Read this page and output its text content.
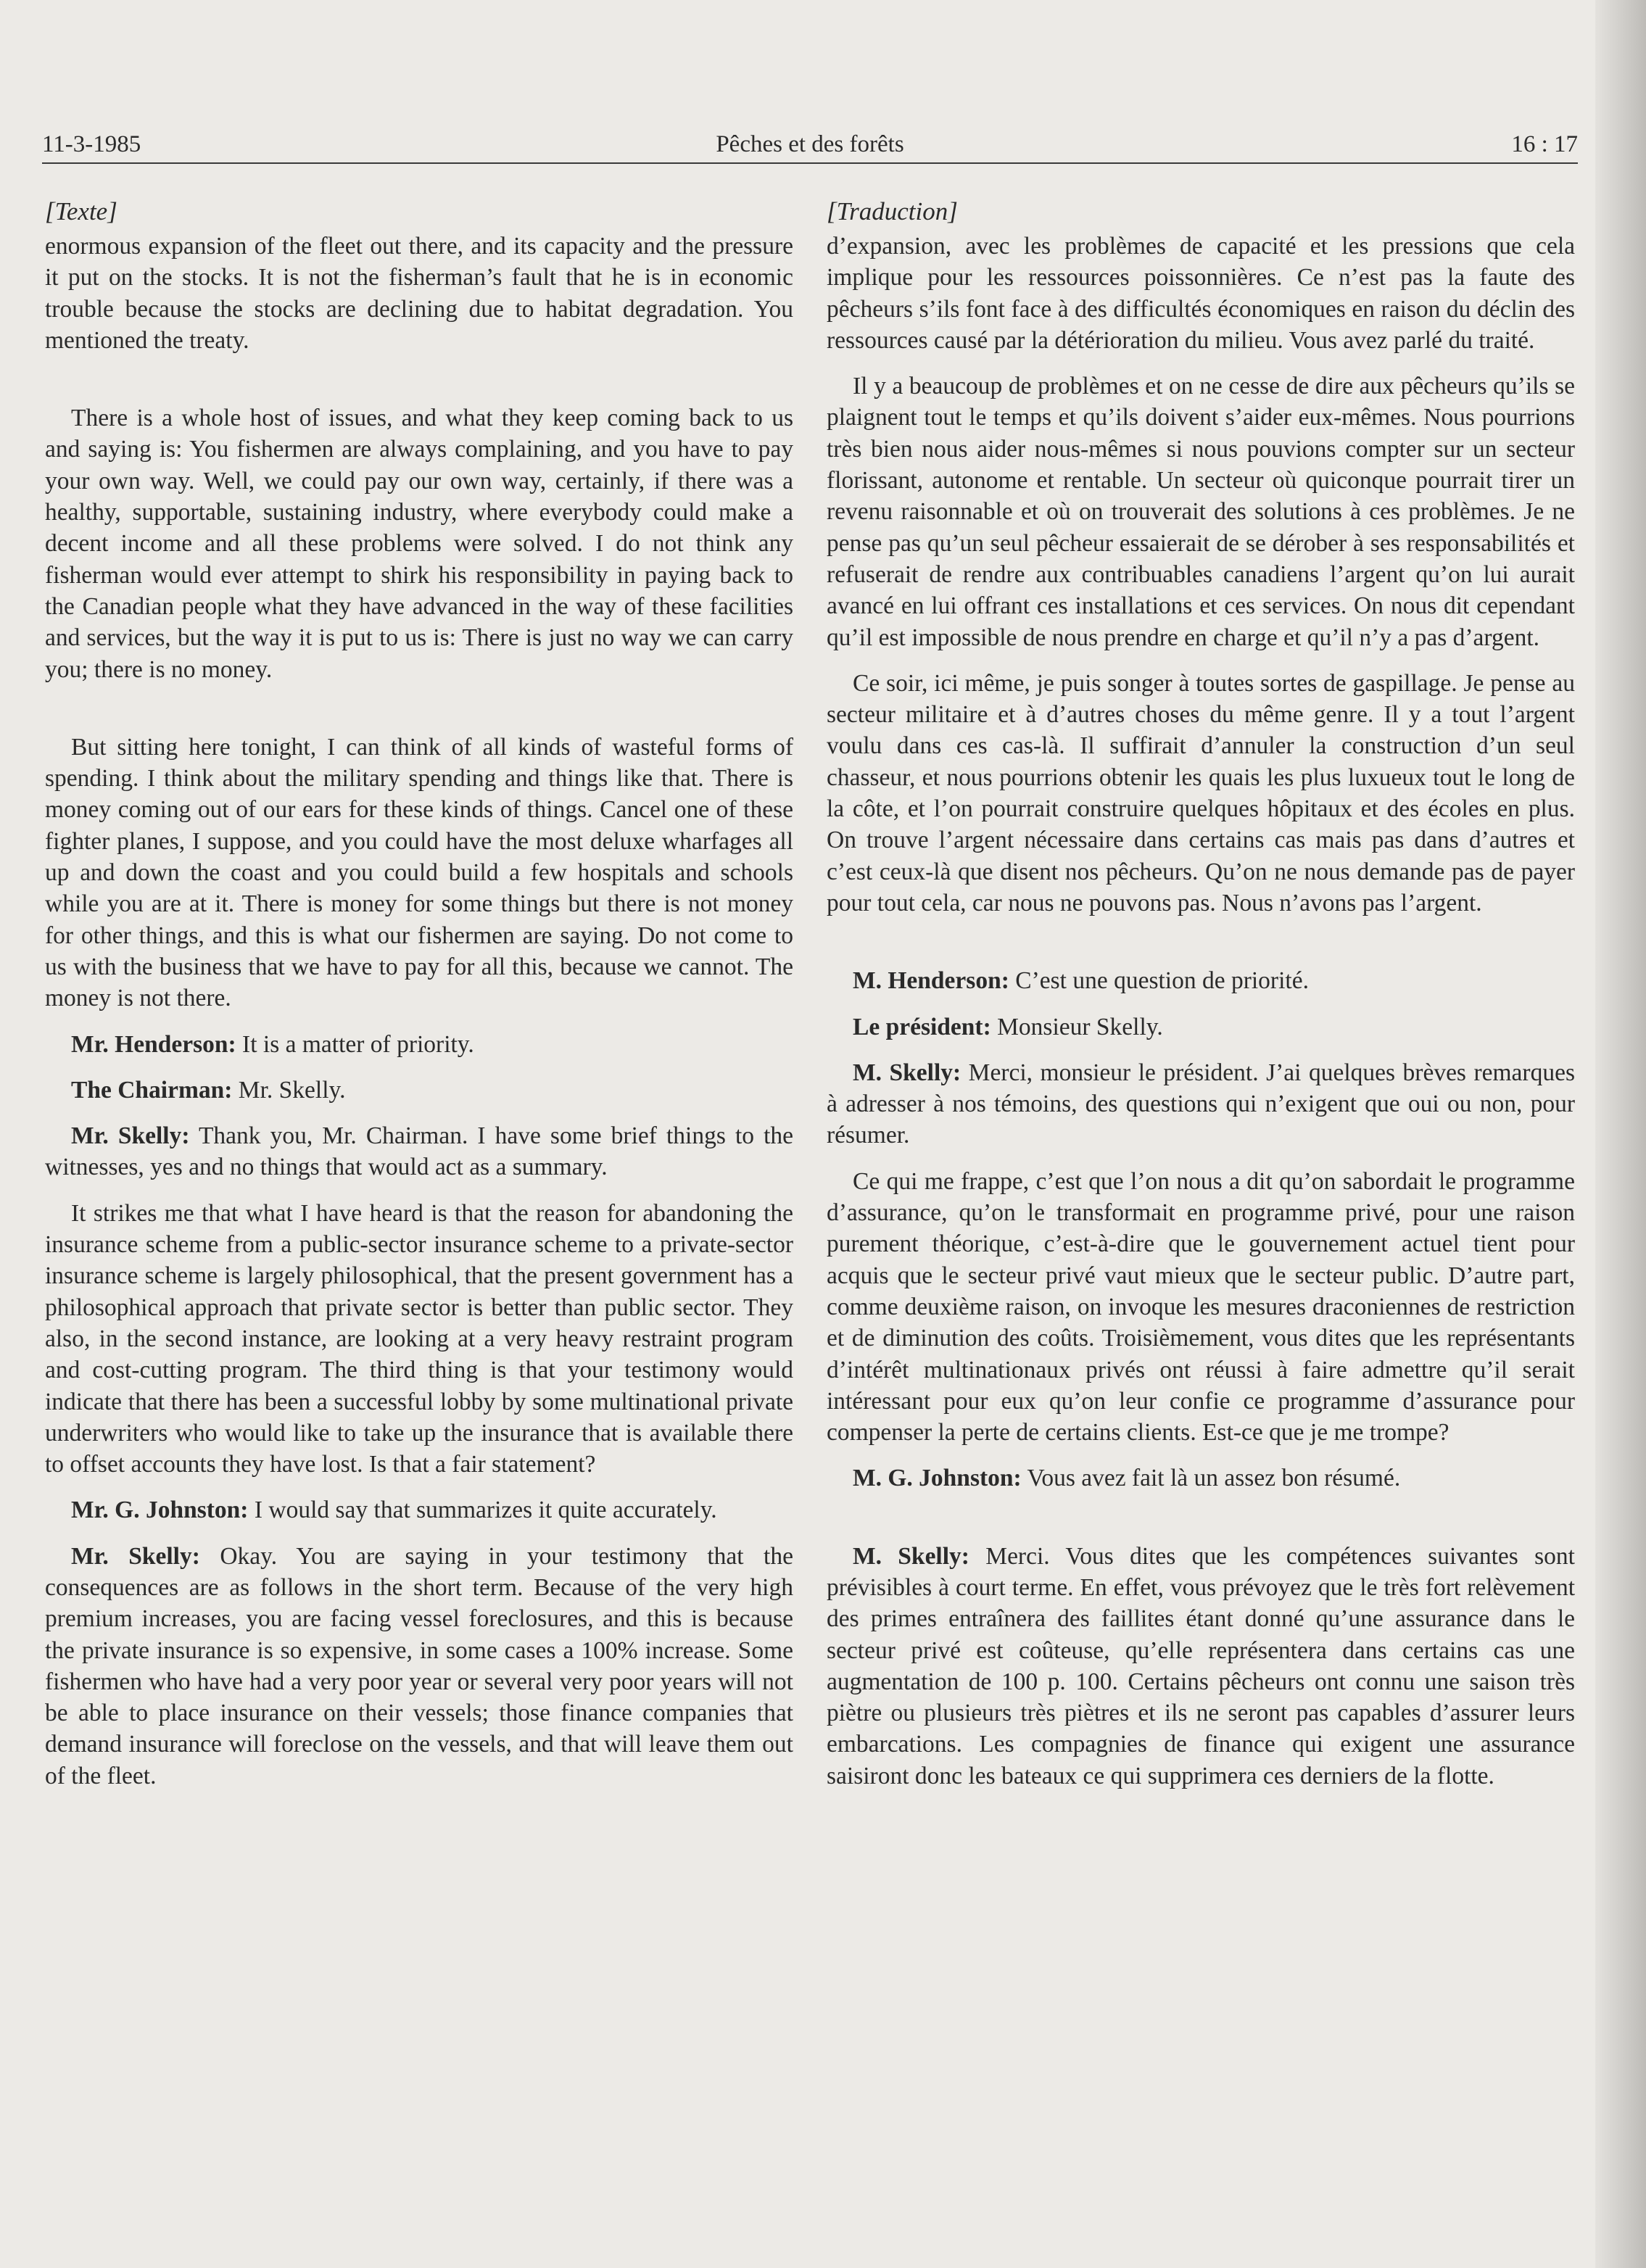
11-3-1985	Pêches et des forêts	16 : 17
[Texte]

enormous expansion of the fleet out there, and its capacity and the pressure it put on the stocks. It is not the fisherman’s fault that he is in economic trouble because the stocks are declining due to habitat degradation. You mentioned the treaty.

There is a whole host of issues, and what they keep coming back to us and saying is: You fishermen are always complaining, and you have to pay your own way. Well, we could pay our own way, certainly, if there was a healthy, supportable, sustaining industry, where everybody could make a decent income and all these problems were solved. I do not think any fisherman would ever attempt to shirk his responsibility in paying back to the Canadian people what they have advanced in the way of these facilities and services, but the way it is put to us is: There is just no way we can carry you; there is no money.

But sitting here tonight, I can think of all kinds of wasteful forms of spending. I think about the military spending and things like that. There is money coming out of our ears for these kinds of things. Cancel one of these fighter planes, I suppose, and you could have the most deluxe wharfages all up and down the coast and you could build a few hospitals and schools while you are at it. There is money for some things but there is not money for other things, and this is what our fishermen are saying. Do not come to us with the business that we have to pay for all this, because we cannot. The money is not there.

Mr. Henderson: It is a matter of priority.

The Chairman: Mr. Skelly.

Mr. Skelly: Thank you, Mr. Chairman. I have some brief things to the witnesses, yes and no things that would act as a summary.

It strikes me that what I have heard is that the reason for abandoning the insurance scheme from a public-sector insurance scheme to a private-sector insurance scheme is largely philosophical, that the present government has a philosophical approach that private sector is better than public sector. They also, in the second instance, are looking at a very heavy restraint program and cost-cutting program. The third thing is that your testimony would indicate that there has been a successful lobby by some multinational private underwriters who would like to take up the insurance that is available there to offset accounts they have lost. Is that a fair statement?

Mr. G. Johnston: I would say that summarizes it quite accurately.

Mr. Skelly: Okay. You are saying in your testimony that the consequences are as follows in the short term. Because of the very high premium increases, you are facing vessel foreclosures, and this is because the private insurance is so expensive, in some cases a 100% increase. Some fishermen who have had a very poor year or several very poor years will not be able to place insurance on their vessels; those finance companies that demand insurance will foreclose on the vessels, and that will leave them out of the fleet.

[Traduction]

d’expansion, avec les problèmes de capacité et les pressions que cela implique pour les ressources poissonnières. Ce n’est pas la faute des pêcheurs s’ils font face à des difficultés économiques en raison du déclin des ressources causé par la détérioration du milieu. Vous avez parlé du traité.

Il y a beaucoup de problèmes et on ne cesse de dire aux pêcheurs qu’ils se plaignent tout le temps et qu’ils doivent s’aider eux-mêmes. Nous pourrions très bien nous aider nous-mêmes si nous pouvions compter sur un secteur florissant, autonome et rentable. Un secteur où quiconque pourrait tirer un revenu raisonnable et où on trouverait des solutions à ces problèmes. Je ne pense pas qu’un seul pêcheur essaierait de se dérober à ses responsabilités et refuserait de rendre aux contribuables canadiens l’argent qu’on lui aurait avancé en lui offrant ces installations et ces services. On nous dit cependant qu’il est impossible de nous prendre en charge et qu’il n’y a pas d’argent.

Ce soir, ici même, je puis songer à toutes sortes de gaspillage. Je pense au secteur militaire et à d’autres choses du même genre. Il y a tout l’argent voulu dans ces cas-là. Il suffirait d’annuler la construction d’un seul chasseur, et nous pourrions obtenir les quais les plus luxueux tout le long de la côte, et l’on pourrait construire quelques hôpitaux et des écoles en plus. On trouve l’argent nécessaire dans certains cas mais pas dans d’autres et c’est ceux-là que disent nos pêcheurs. Qu’on ne nous demande pas de payer pour tout cela, car nous ne pouvons pas. Nous n’avons pas l’argent.

M. Henderson: C’est une question de priorité.

Le président: Monsieur Skelly.

M. Skelly: Merci, monsieur le président. J’ai quelques brèves remarques à adresser à nos témoins, des questions qui n’exigent que oui ou non, pour résumer.

Ce qui me frappe, c’est que l’on nous a dit qu’on sabordait le programme d’assurance, qu’on le transformait en programme privé, pour une raison purement théorique, c’est-à-dire que le gouvernement actuel tient pour acquis que le secteur privé vaut mieux que le secteur public. D’autre part, comme deuxième raison, on invoque les mesures draconiennes de restriction et de diminution des coûts. Troisièmement, vous dites que les représentants d’intérêt multinationaux privés ont réussi à faire admettre qu’il serait intéressant pour eux qu’on leur confie ce programme d’assurance pour compenser la perte de certains clients. Est-ce que je me trompe?

M. G. Johnston: Vous avez fait là un assez bon résumé.

M. Skelly: Merci. Vous dites que les compétences suivantes sont prévisibles à court terme. En effet, vous prévoyez que le très fort relèvement des primes entraînera des faillites étant donné qu’une assurance dans le secteur privé est coûteuse, qu’elle représentera dans certains cas une augmentation de 100 p. 100. Certains pêcheurs ont connu une saison très piètre ou plusieurs très piètres et ils ne seront pas capables d’assurer leurs embarcations. Les compagnies de finance qui exigent une assurance saisiront donc les bateaux ce qui supprimera ces derniers de la flotte.
